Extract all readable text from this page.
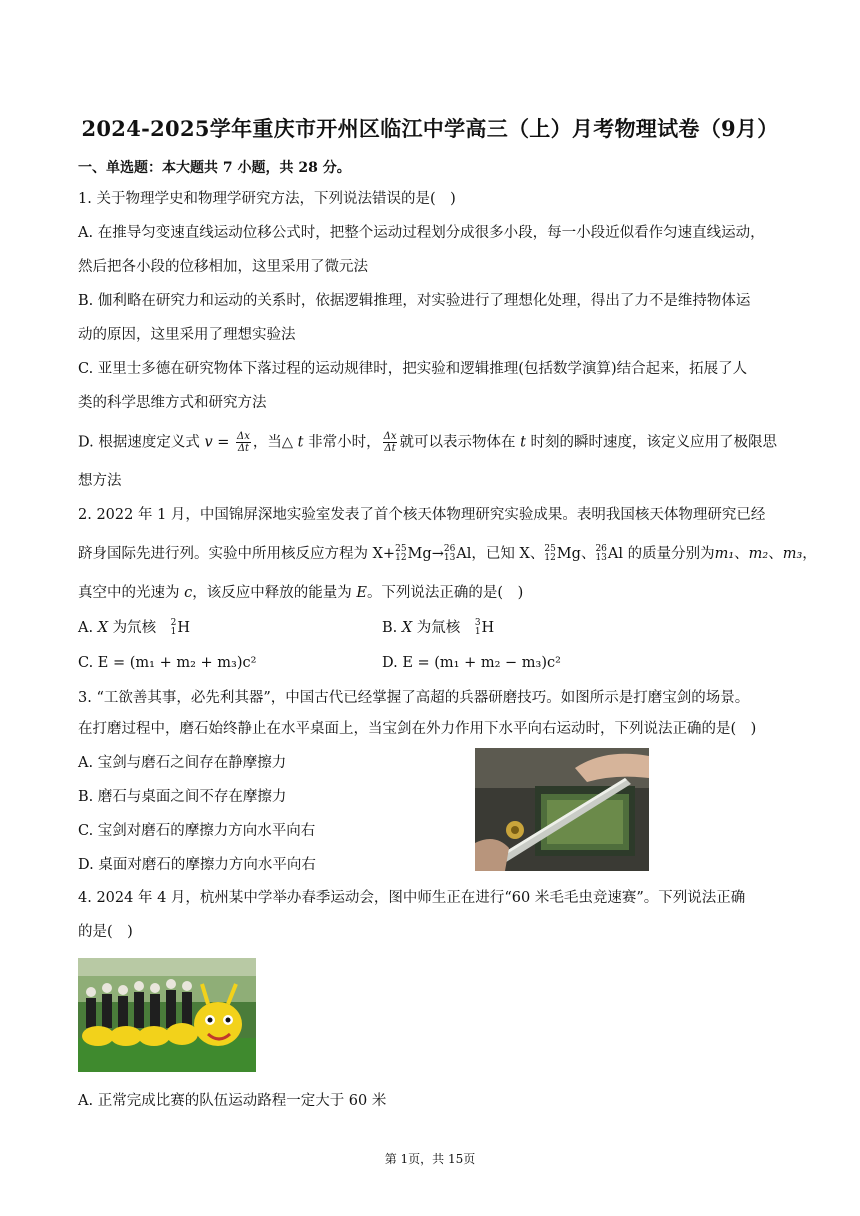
2024-2025学年重庆市开州区临江中学高三（上）月考物理试卷（9月）
一、单选题：本大题共 7 小题，共 28 分。
1. 关于物理学史和物理学研究方法，下列说法错误的是(　)
A. 在推导匀变速直线运动位移公式时，把整个运动过程划分成很多小段，每一小段近似看作匀速直线运动，
然后把各小段的位移相加，这里采用了微元法
B. 伽利略在研究力和运动的关系时，依据逻辑推理，对实验进行了理想化处理，得出了力不是维持物体运
动的原因，这里采用了理想实验法
C. 亚里士多德在研究物体下落过程的运动规律时，把实验和逻辑推理(包括数学演算)结合起来，拓展了人
类的科学思维方式和研究方法
D. 根据速度定义式 $v = \frac{\Delta x}{\Delta t}$ ，当△ t 非常小时， $\frac{\Delta x}{\Delta t}$ 就可以表示物体在 t 时刻的瞬时速度，该定义应用了极限思
想方法
2. 2022 年 1 月，中国锦屏深地实验室发表了首个核天体物理研究实验成果。表明我国核天体物理研究已经
跻身国际先进行列。实验中所用核反应方程为 X+ 25
12 Mg→ 26
13 Al，已知 X、 25
12 Mg、 26
13 Al 的质量分别为m₁、m₂、m₃，
真空中的光速为 c，该反应中释放的能量为 E。下列说法正确的是(　)
A. X 为氘核　 2
1 H	B. X 为氚核　 3
1 H
C. E = (m₁ + m₂ + m₃)c²	D. E = (m₁ + m₂ − m₃)c²
3. “工欲善其事，必先利其器”，中国古代已经掌握了高超的兵器研磨技巧。如图所示是打磨宝剑的场景。
在打磨过程中，磨石始终静止在水平桌面上，当宝剑在外力作用下水平向右运动时，下列说法正确的是(　)
A. 宝剑与磨石之间存在静摩擦力
B. 磨石与桌面之间不存在摩擦力
C. 宝剑对磨石的摩擦力方向水平向右
D. 桌面对磨石的摩擦力方向水平向右
4. 2024 年 4 月，杭州某中学举办春季运动会，图中师生正在进行“60 米毛毛虫竞速赛”。下列说法正确
的是(　)
A. 正常完成比赛的队伍运动路程一定大于 60 米
第 1页，共 15页
